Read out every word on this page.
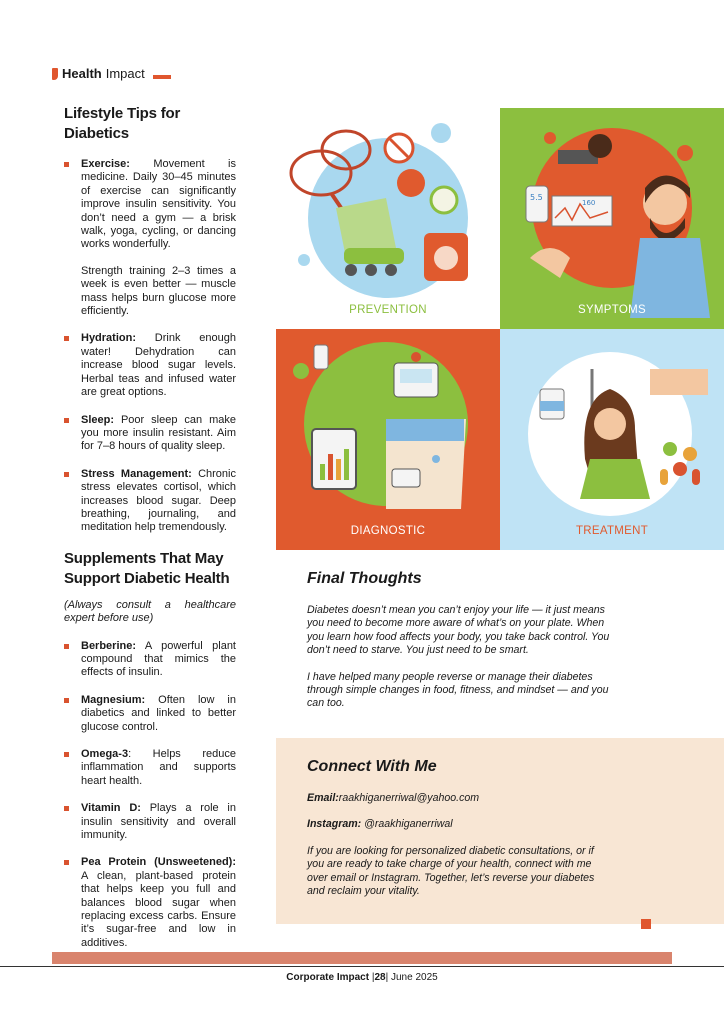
Health Impact
Lifestyle Tips for Diabetics

Exercise: Movement is medicine. Daily 30–45 minutes of exercise can significantly improve insulin sensitivity. You don’t need a gym — a brisk walk, yoga, cycling, or dancing works wonderfully.

Strength training 2–3 times a week is even better — muscle mass helps burn glucose more efficiently.

Hydration: Drink enough water! Dehydration can increase blood sugar levels. Herbal teas and infused water are great options.

Sleep: Poor sleep can make you more insulin resistant. Aim for 7–8 hours of quality sleep.

Stress Management: Chronic stress elevates cortisol, which increases blood sugar. Deep breathing, journaling, and meditation help tremendously.

Supplements That May Support Diabetic Health

(Always consult a healthcare expert before use)

Berberine: A powerful plant compound that mimics the effects of insulin.

Magnesium: Often low in diabetics and linked to better glucose control.

Omega-3: Helps reduce inflammation and supports heart health.

Vitamin D: Plays a role in insulin sensitivity and overall immunity.

Pea Protein (Unsweetened): A clean, plant-based protein that helps keep you full and balances blood sugar when replacing excess carbs. Ensure it’s sugar-free and low in additives.

PREVENTION
5.5
160
SYMPTOMS
DIAGNOSTIC	TREATMENT
Final Thoughts

Diabetes doesn’t mean you can’t enjoy your life — it just means you need to become more aware of what’s on your plate. When you learn how food affects your body, you take back control. You don’t need to starve. You just need to be smart.

I have helped many people reverse or manage their diabetes through simple changes in food, fitness, and mindset — and you can too.

Connect With Me

Email:raakhiganerriwal@yahoo.com

Instagram: @raakhiganerriwal

If you are looking for personalized diabetic consultations, or if you are ready to take charge of your health, connect with me over email or Instagram. Together, let’s reverse your diabetes and reclaim your vitality.

Corporate Impact |28| June 2025
